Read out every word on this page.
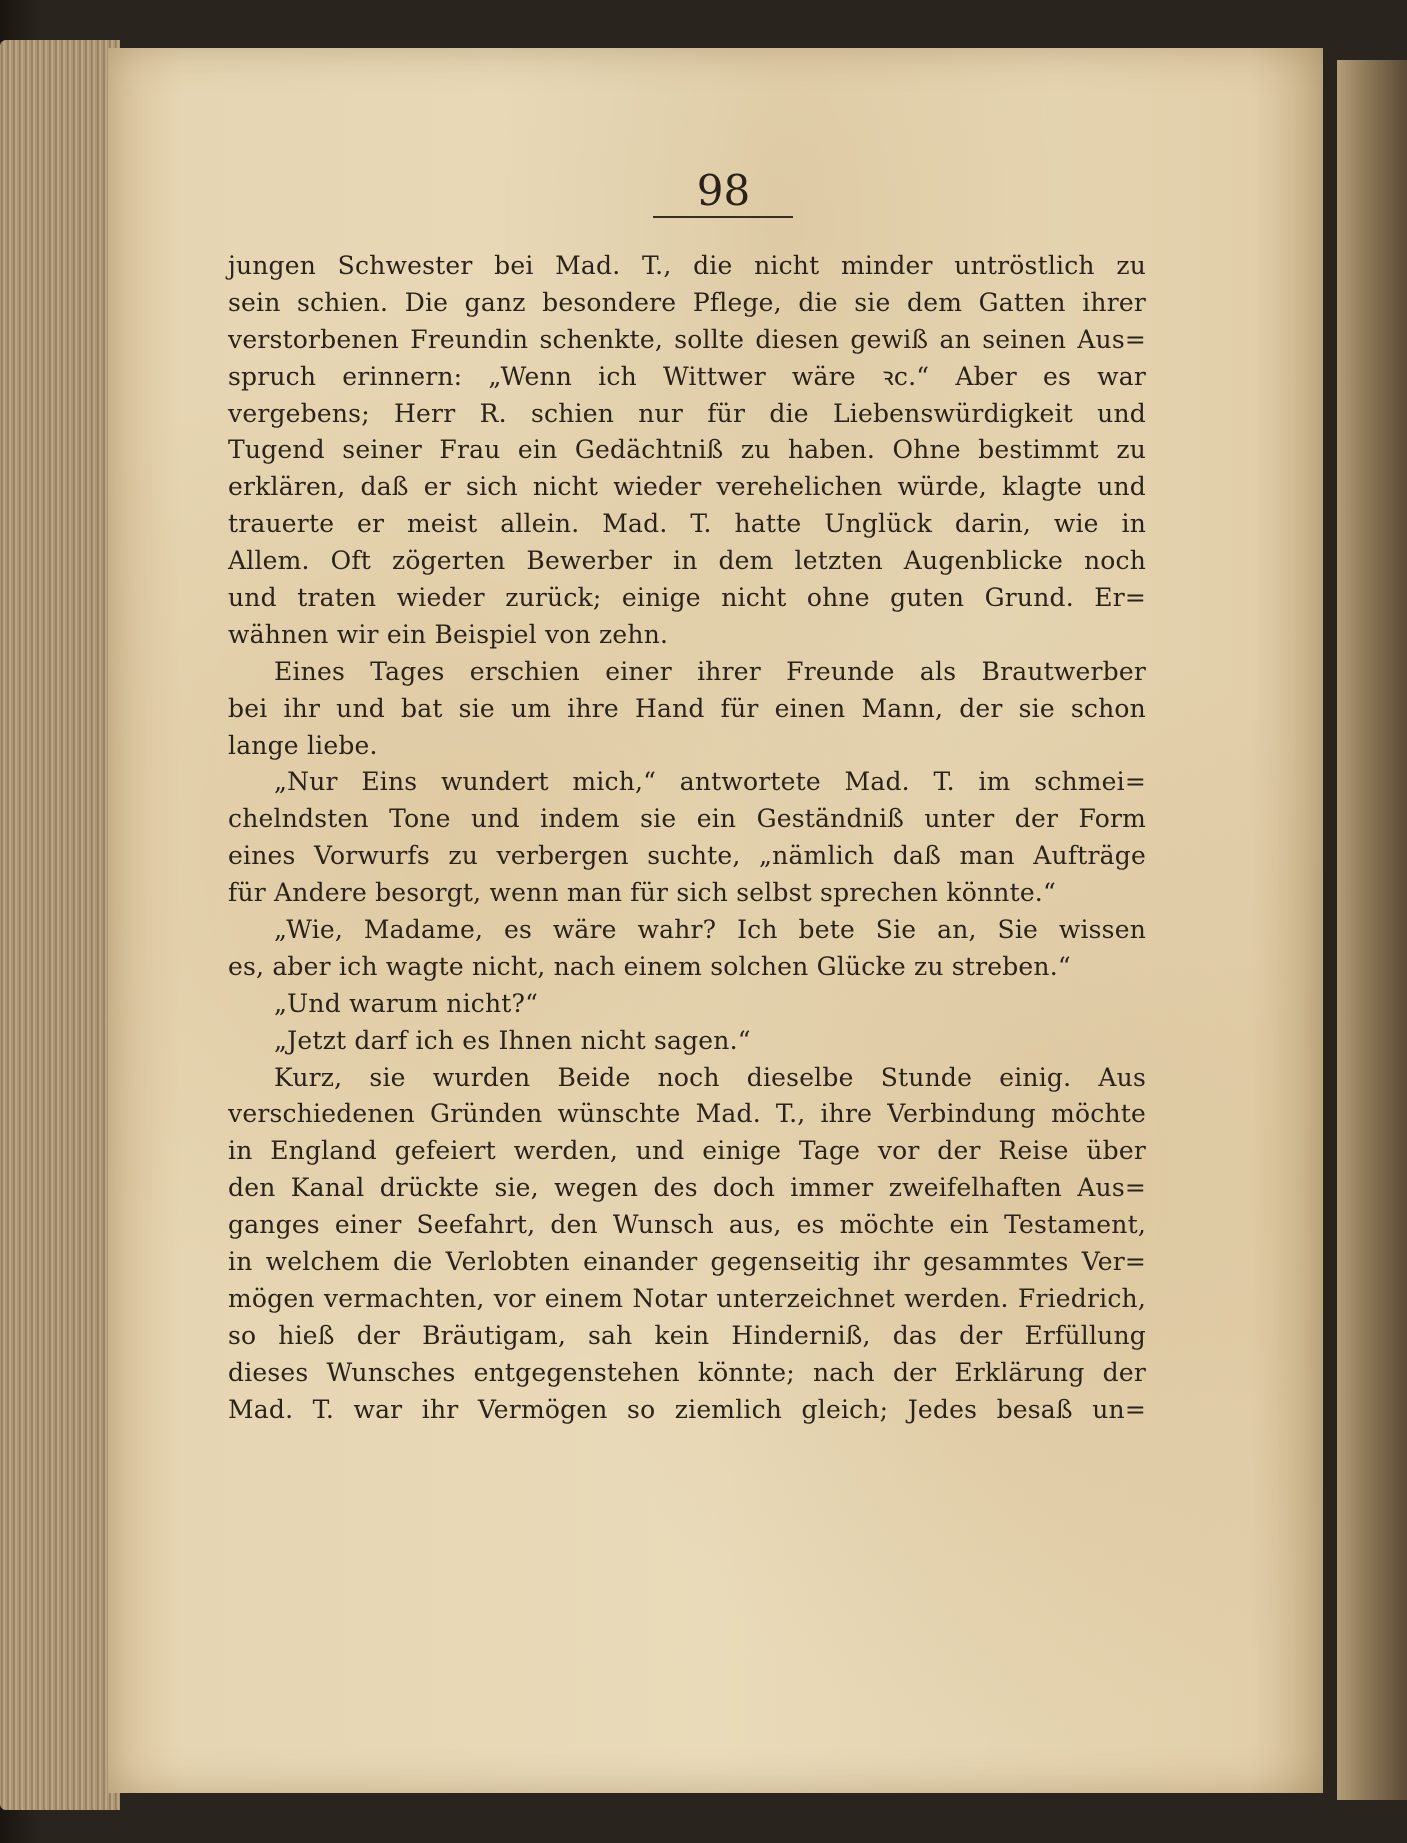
98
jungen Schwester bei Mad. T., die nicht minder untröstlich zu
sein schien. Die ganz besondere Pflege, die sie dem Gatten ihrer
verstorbenen Freundin schenkte, sollte diesen gewiß an seinen Aus=
spruch erinnern: „Wenn ich Wittwer wäre ꝛc.“ Aber es war
vergebens; Herr R. schien nur für die Liebenswürdigkeit und
Tugend seiner Frau ein Gedächtniß zu haben. Ohne bestimmt zu
erklären, daß er sich nicht wieder verehelichen würde, klagte und
trauerte er meist allein. Mad. T. hatte Unglück darin, wie in
Allem. Oft zögerten Bewerber in dem letzten Augenblicke noch
und traten wieder zurück; einige nicht ohne guten Grund. Er=
wähnen wir ein Beispiel von zehn.
Eines Tages erschien einer ihrer Freunde als Brautwerber
bei ihr und bat sie um ihre Hand für einen Mann, der sie schon
lange liebe.
„Nur Eins wundert mich,“ antwortete Mad. T. im schmei=
chelndsten Tone und indem sie ein Geständniß unter der Form
eines Vorwurfs zu verbergen suchte, „nämlich daß man Aufträge
für Andere besorgt, wenn man für sich selbst sprechen könnte.“
„Wie, Madame, es wäre wahr? Ich bete Sie an, Sie wissen
es, aber ich wagte nicht, nach einem solchen Glücke zu streben.“
„Und warum nicht?“
„Jetzt darf ich es Ihnen nicht sagen.“
Kurz, sie wurden Beide noch dieselbe Stunde einig. Aus
verschiedenen Gründen wünschte Mad. T., ihre Verbindung möchte
in England gefeiert werden, und einige Tage vor der Reise über
den Kanal drückte sie, wegen des doch immer zweifelhaften Aus=
ganges einer Seefahrt, den Wunsch aus, es möchte ein Testament,
in welchem die Verlobten einander gegenseitig ihr gesammtes Ver=
mögen vermachten, vor einem Notar unterzeichnet werden. Friedrich,
so hieß der Bräutigam, sah kein Hinderniß, das der Erfüllung
dieses Wunsches entgegenstehen könnte; nach der Erklärung der
Mad. T. war ihr Vermögen so ziemlich gleich; Jedes besaß un=
